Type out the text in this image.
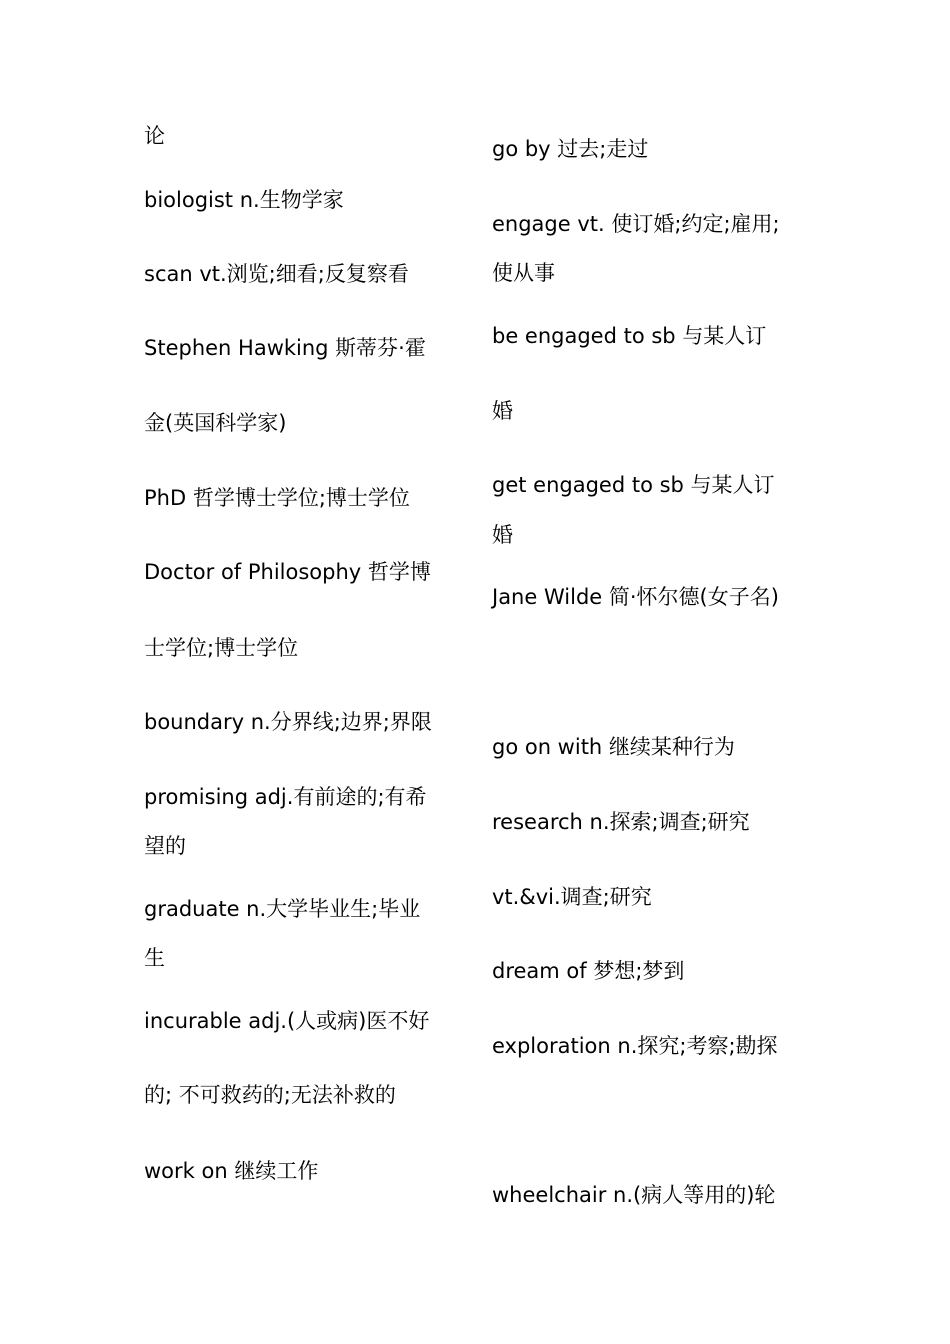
论
biologist n.生物学家
scan vt.浏览;细看;反复察看
Stephen Hawking 斯蒂芬·霍
金(英国科学家)
PhD 哲学博士学位;博士学位
Doctor of Philosophy 哲学博
士学位;博士学位
boundary n.分界线;边界;界限
promising adj.有前途的;有希
望的
graduate n.大学毕业生;毕业
生
incurable adj.(人或病)医不好
的; 不可救药的;无法补救的
work on 继续工作
go by 过去;走过
engage vt. 使订婚;约定;雇用;
使从事
be engaged to sb 与某人订
婚
get engaged to sb 与某人订
婚
Jane Wilde 简·怀尔德(女子名)
go on with 继续某种行为
research n.探索;调查;研究
vt.&vi.调查;研究
dream of 梦想;梦到
exploration n.探究;考察;勘探
wheelchair n.(病人等用的)轮
